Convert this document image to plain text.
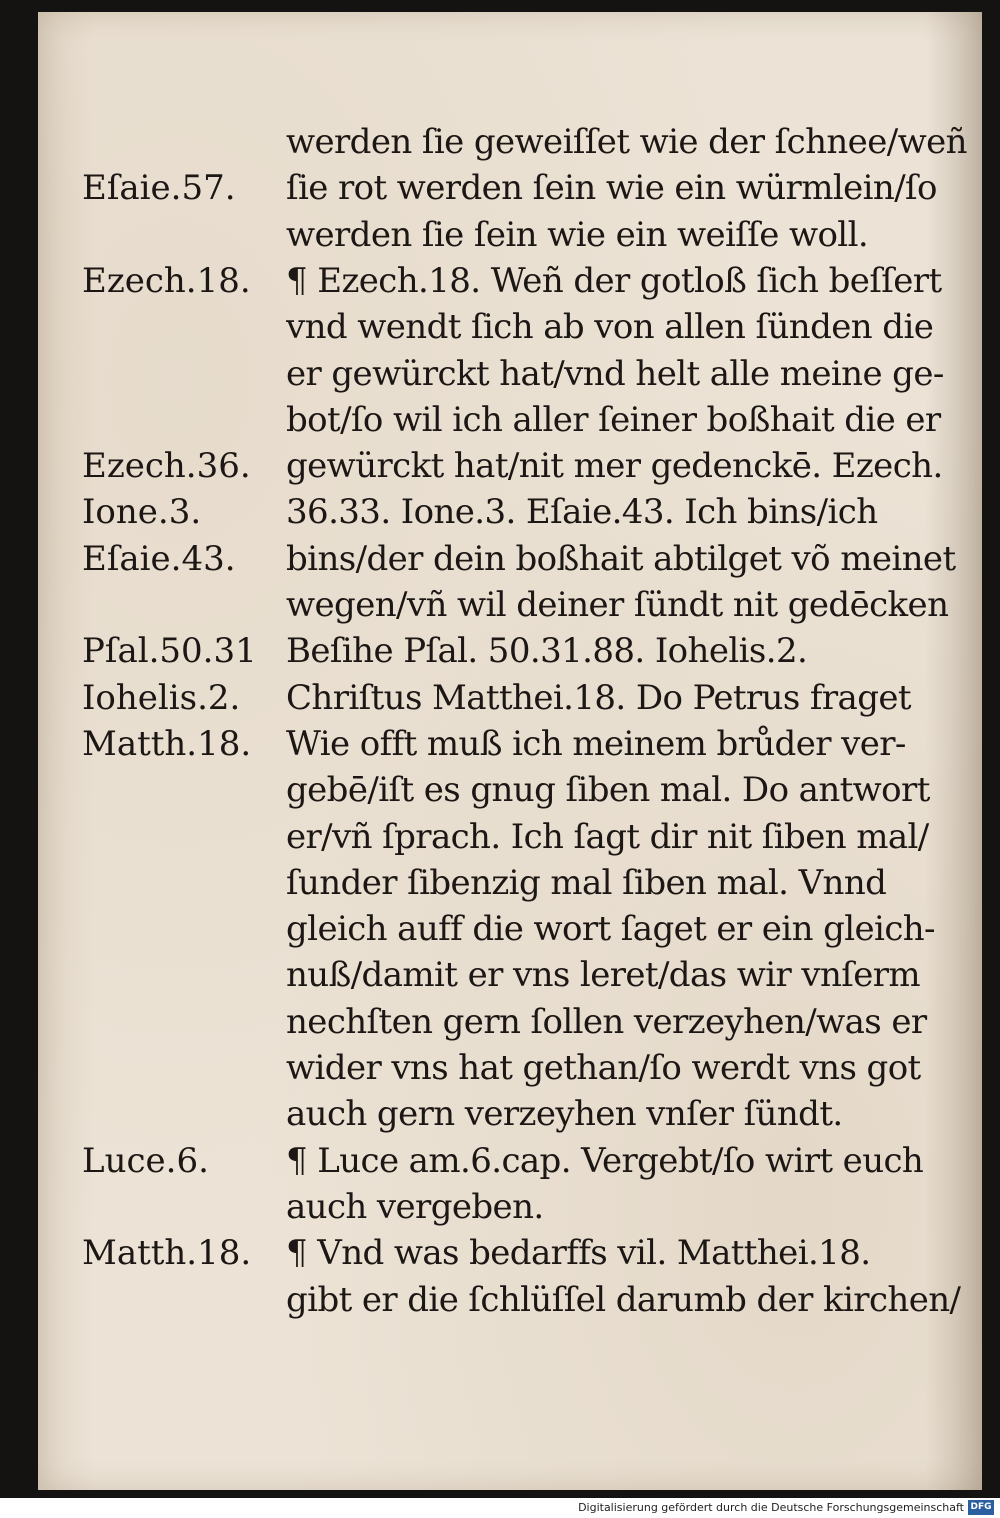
werden ſie geweiſſet wie der ſchnee/weñ
Eſaie.57. ſie rot werden ſein wie ein würmlein/ſo
werden ſie ſein wie ein weiſſe woll.
Ezech.18. ¶ Ezech.18. Weñ der gotloß ſich beſſert
vnd wendt ſich ab von allen ſünden die
er gewürckt hat/vnd helt alle meine ge-
bot/ſo wil ich aller ſeiner boßhait die er
Ezech.36. gewürckt hat/nit mer gedenckē. Ezech.
Ione.3. 36.33. Ione.3. Eſaie.43. Ich bins/ich
Eſaie.43. bins/der dein boßhait abtilget võ meinet
wegen/vñ wil deiner ſündt nit gedēcken
Pſal.50.31 Beſihe Pſal. 50.31.88. Iohelis.2.
Iohelis.2. Chriſtus Matthei.18. Do Petrus fraget
Matth.18. Wie offt muß ich meinem brůder ver-
gebē/iſt es gnug ſiben mal. Do antwort
er/vñ ſprach. Ich ſagt dir nit ſiben mal/
ſunder ſibenzig mal ſiben mal. Vnnd
gleich auff die wort ſaget er ein gleich-
nuß/damit er vns leret/das wir vnſerm
nechſten gern ſollen verzeyhen/was er
wider vns hat gethan/ſo werdt vns got
auch gern verzeyhen vnſer ſündt.
Luce.6. ¶ Luce am.6.cap. Vergebt/ſo wirt euch
auch vergeben.
Matth.18. ¶ Vnd was bedarffs vil. Matthei.18.
gibt er die ſchlüſſel darumb der kirchen/
Digitalisierung gefördert durch die Deutsche Forschungsgemeinschaft DFG
